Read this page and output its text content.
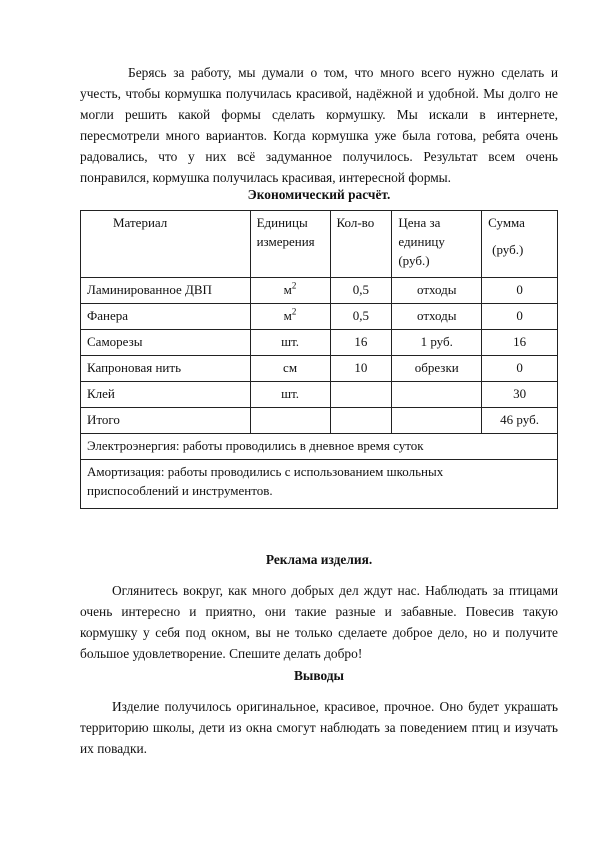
Берясь за работу, мы думали о том, что много всего нужно сделать и учесть, чтобы кормушка получилась красивой, надёжной и удобной. Мы долго не могли решить какой формы сделать кормушку. Мы искали в интернете, пересмотрели много вариантов. Когда кормушка уже была готова, ребята очень радовались, что у них всё задуманное получилось. Результат всем очень понравился, кормушка получилась красивая, интересной формы.

Экономический расчёт.

Материал	Единицы измерения	Кол-во	Цена за единицу (руб.)	Сумма
(руб.)

Ламинированное ДВП	$м^2$	0,5	отходы	0
Фанера	$м^2$	0,5	отходы	0
Саморезы	шт.	16	1 руб.	16
Капроновая нить	см	10	обрезки	0
Клей	шт.			30
Итого				46 руб.
Электроэнергия: работы проводились в дневное время суток				

Амортизация: работы проводились с использованием школьных приспособлений и инструментов.				

Реклама изделия.

Оглянитесь вокруг, как много добрых дел ждут нас. Наблюдать за птицами очень интересно и приятно, они такие разные и забавные. Повесив такую кормушку у себя под окном, вы не только сделаете доброе дело, но и получите большое удовлетворение. Спешите делать добро!

Выводы

Изделие получилось оригинальное, красивое, прочное. Оно будет украшать территорию школы, дети из окна смогут наблюдать за поведением птиц и изучать их повадки.
